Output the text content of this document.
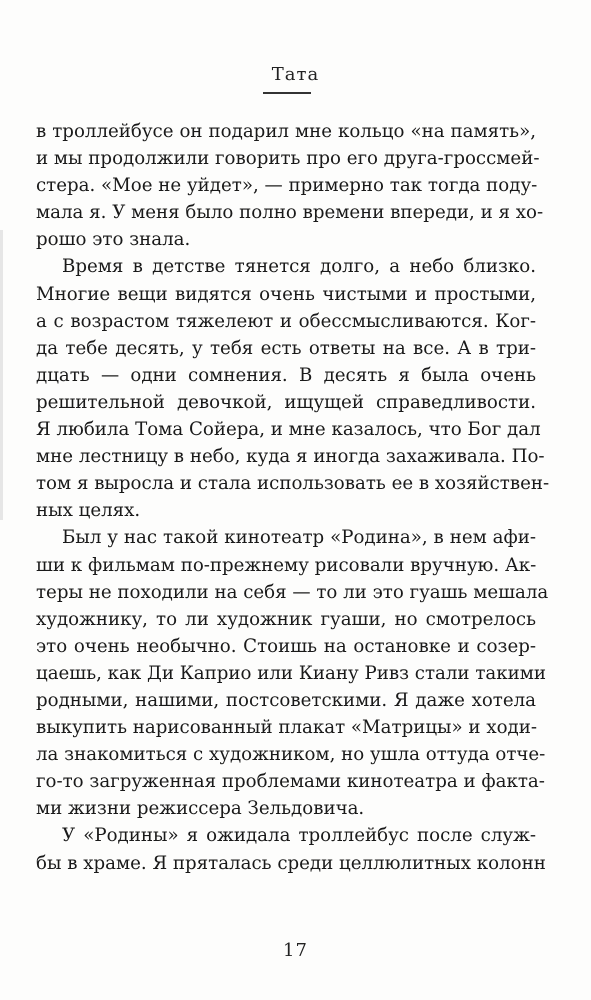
Тата
в троллейбусе он подарил мне кольцо «на память»,
и мы продолжили говорить про его друга-гроссмей-
стера. «Мое не уйдет», — примерно так тогда поду-
мала я. У меня было полно времени впереди, и я хо-
рошо это знала.
Время в детстве тянется долго, а небо близко.
Многие вещи видятся очень чистыми и простыми,
а с возрастом тяжелеют и обессмысливаются. Ког-
да тебе десять, у тебя есть ответы на все. А в три-
дцать — одни сомнения. В десять я была очень
решительной девочкой, ищущей справедливости.
Я любила Тома Сойера, и мне казалось, что Бог дал
мне лестницу в небо, куда я иногда захаживала. По-
том я выросла и стала использовать ее в хозяйствен-
ных целях.
Был у нас такой кинотеатр «Родина», в нем афи-
ши к фильмам по-прежнему рисовали вручную. Ак-
теры не походили на себя — то ли это гуашь мешала
художнику, то ли художник гуаши, но смотрелось
это очень необычно. Стоишь на остановке и созер-
цаешь, как Ди Каприо или Киану Ривз стали такими
родными, нашими, постсоветскими. Я даже хотела
выкупить нарисованный плакат «Матрицы» и ходи-
ла знакомиться с художником, но ушла оттуда отче-
го-то загруженная проблемами кинотеатра и факта-
ми жизни режиссера Зельдовича.
У «Родины» я ожидала троллейбус после служ-
бы в храме. Я пряталась среди целлюлитных колонн
17
